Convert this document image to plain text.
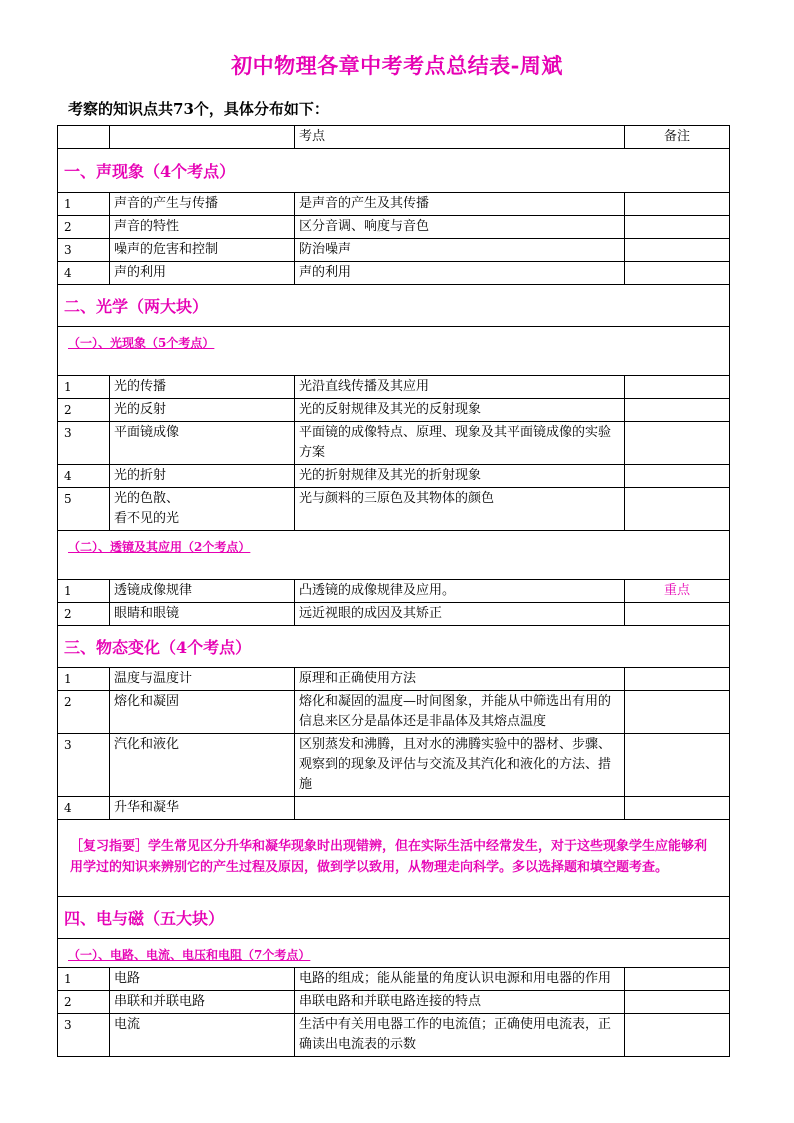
初中物理各章中考考点总结表-周斌
考察的知识点共73个，具体分布如下：
		考点	备注
一、声现象（4个考点）			
1	声音的产生与传播	是声音的产生及其传播	
2	声音的特性	区分音调、响度与音色	
3	噪声的危害和控制	防治噪声	
4	声的利用	声的利用	
二、光学（两大块）			
（一）、光现象（5个考点）			
1	光的传播	光沿直线传播及其应用	
2	光的反射	光的反射规律及其光的反射现象	
3	平面镜成像	平面镜的成像特点、原理、现象及其平面镜成像的实验方案	
4	光的折射	光的折射规律及其光的折射现象	
5	光的色散、
看不见的光	光与颜料的三原色及其物体的颜色	
（二）、透镜及其应用（2个考点）			
1	透镜成像规律	凸透镜的成像规律及应用。	重点
2	眼睛和眼镜	远近视眼的成因及其矫正	
三、物态变化（4个考点）			
1	温度与温度计	原理和正确使用方法	
2	熔化和凝固	熔化和凝固的温度—时间图象，并能从中筛选出有用的信息来区分是晶体还是非晶体及其熔点温度	
3	汽化和液化	区别蒸发和沸腾，且对水的沸腾实验中的器材、步骤、观察到的现象及评估与交流及其汽化和液化的方法、措施	
4	升华和凝华		
［复习指要］学生常见区分升华和凝华现象时出现错辨，但在实际生活中经常发生，对于这些现象学生应能够利用学过的知识来辨别它的产生过程及原因，做到学以致用，从物理走向科学。多以选择题和填空题考查。			
四、电与磁（五大块）			
（一）、电路、电流、电压和电阻（7个考点）			
1	电路	电路的组成；能从能量的角度认识电源和用电器的作用	
2	串联和并联电路	串联电路和并联电路连接的特点	
3	电流	生活中有关用电器工作的电流值；正确使用电流表，正确读出电流表的示数	
